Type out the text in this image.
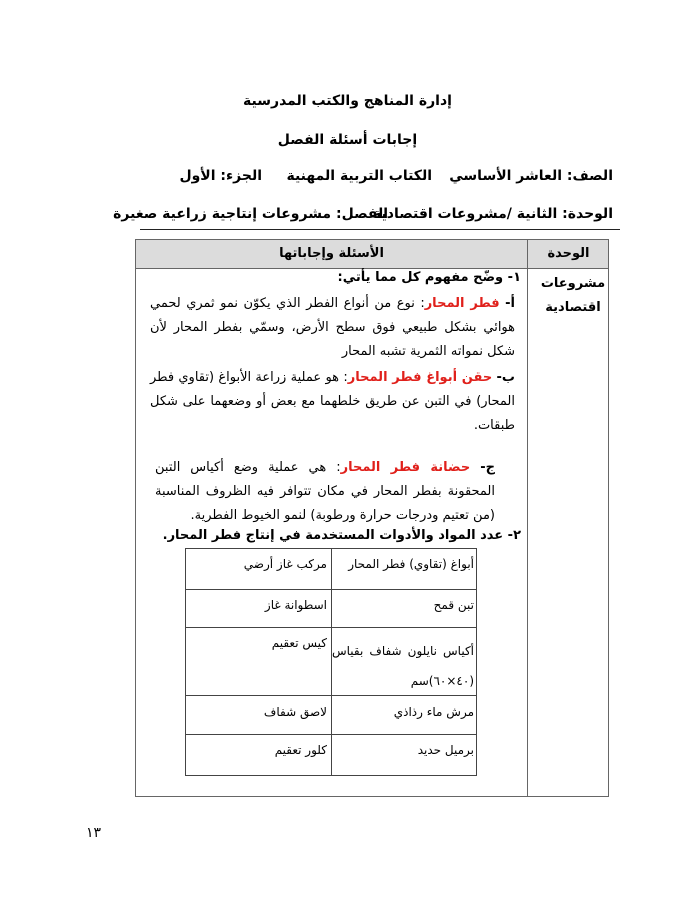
إدارة المناهج والكتب المدرسية
إجابات أسئلة الفصل
الصف: العاشر الأساسي
الكتاب التربية المهنية
الجزء: الأول
الوحدة: الثانية /مشروعات اقتصادية
الفصل: مشروعات إنتاجية زراعية صغيرة
الوحدة
الأسئلة وإجاباتها
مشروعات
اقتصادية
١- وضّح مفهوم كل مما يأتي:
أ- فطر المحار: نوع من أنواع الفطر الذي يكوّن نمو ثمري لحمي هوائي بشكل طبيعي فوق سطح الأرض، وسمّي بفطر المحار لأن شكل نمواته الثمرية تشبه المحار
ب- حقن أبواغ فطر المحار: هو عملية زراعة الأبواغ (تقاوي فطر المحار) في التبن عن طريق خلطهما مع بعض أو وضعهما على شكل طبقات.
ج- حضانة فطر المحار: هي عملية وضع أكياس التبن المحقونة بفطر المحار في مكان تتوافر فيه الظروف المناسبة (من تعتيم ودرجات حرارة ورطوبة) لنمو الخيوط الفطرية.
٢- عدد المواد والأدوات المستخدمة في إنتاج فطر المحار.
أبواغ (تقاوي) فطر المحار
مركب غاز أرضي
تبن قمح
اسطوانة غاز
أكياس نايلون شفاف بقياس (٤٠×٦٠)سم
كيس تعقيم
مرش ماء رذاذي
لاصق شفاف
برميل حديد
كلور تعقيم
١٣
